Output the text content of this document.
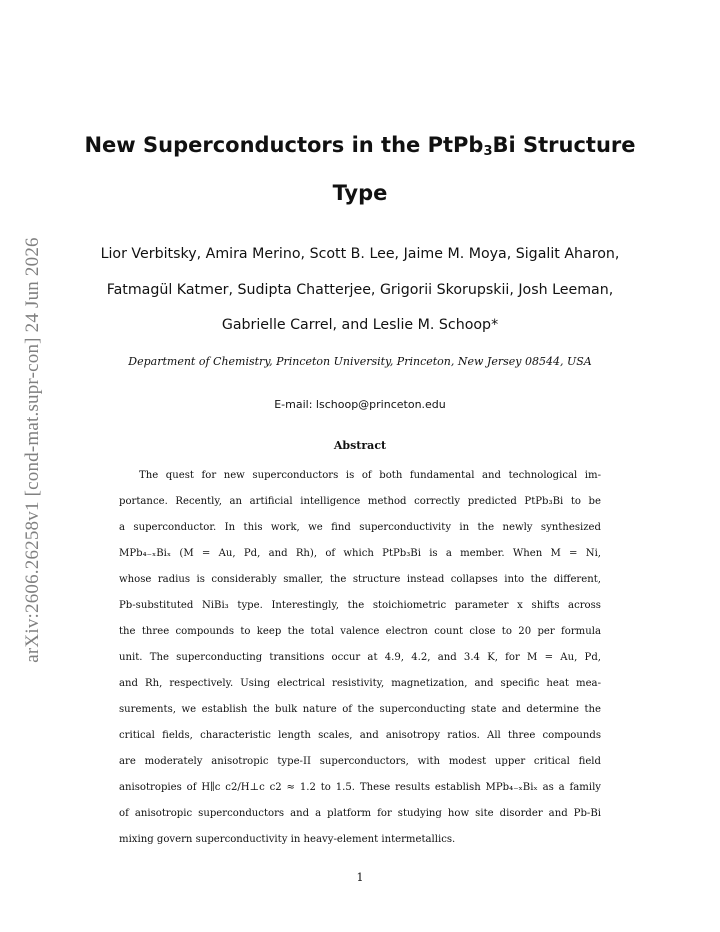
arXiv:2606.26258v1 [cond-mat.supr-con] 24 Jun 2026
New Superconductors in the PtPb$_3$Bi Structure Type
Lior Verbitsky, Amira Merino, Scott B. Lee, Jaime M. Moya, Sigalit Aharon,
Fatmagül Katmer, Sudipta Chatterjee, Grigorii Skorupskii, Josh Leeman,
Gabrielle Carrel, and Leslie M. Schoop*
Department of Chemistry, Princeton University, Princeton, New Jersey 08544, USA
E-mail: lschoop@princeton.edu
Abstract
The quest for new superconductors is of both fundamental and technological im-
portance. Recently, an artificial intelligence method correctly predicted PtPb₃Bi to be
a superconductor. In this work, we find superconductivity in the newly synthesized
MPb₄₋ₓBiₓ (M = Au, Pd, and Rh), of which PtPb₃Bi is a member. When M = Ni,
whose radius is considerably smaller, the structure instead collapses into the different,
Pb-substituted NiBi₃ type. Interestingly, the stoichiometric parameter x shifts across
the three compounds to keep the total valence electron count close to 20 per formula
unit. The superconducting transitions occur at 4.9, 4.2, and 3.4 K, for M = Au, Pd,
and Rh, respectively. Using electrical resistivity, magnetization, and specific heat mea-
surements, we establish the bulk nature of the superconducting state and determine the
critical fields, characteristic length scales, and anisotropy ratios. All three compounds
are moderately anisotropic type-II superconductors, with modest upper critical field
anisotropies of H∥c c2/H⊥c c2 ≈ 1.2 to 1.5. These results establish MPb₄₋ₓBiₓ as a family
of anisotropic superconductors and a platform for studying how site disorder and Pb-Bi
mixing govern superconductivity in heavy-element intermetallics.
1
